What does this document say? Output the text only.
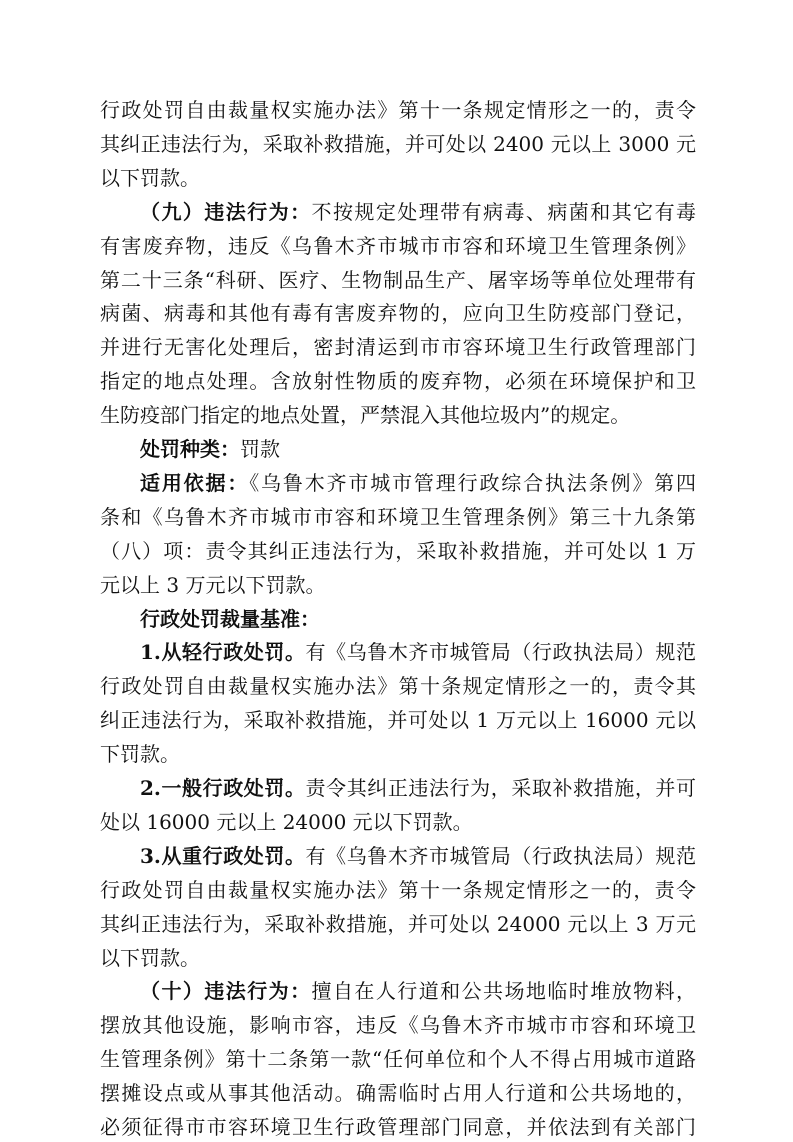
行政处罚自由裁量权实施办法》第十一条规定情形之一的，责令
其纠正违法行为，采取补救措施，并可处以 2400 元以上 3000 元
以下罚款。
（九）违法行为：不按规定处理带有病毒、病菌和其它有毒
有害废弃物，违反《乌鲁木齐市城市市容和环境卫生管理条例》
第二十三条“科研、医疗、生物制品生产、屠宰场等单位处理带有
病菌、病毒和其他有毒有害废弃物的，应向卫生防疫部门登记，
并进行无害化处理后，密封清运到市市容环境卫生行政管理部门
指定的地点处理。含放射性物质的废弃物，必须在环境保护和卫
生防疫部门指定的地点处置，严禁混入其他垃圾内”的规定。
处罚种类：罚款
适用依据：《乌鲁木齐市城市管理行政综合执法条例》第四
条和《乌鲁木齐市城市市容和环境卫生管理条例》第三十九条第
（八）项：责令其纠正违法行为，采取补救措施，并可处以 1 万
元以上 3 万元以下罚款。
行政处罚裁量基准：
1.从轻行政处罚。有《乌鲁木齐市城管局（行政执法局）规范
行政处罚自由裁量权实施办法》第十条规定情形之一的，责令其
纠正违法行为，采取补救措施，并可处以 1 万元以上 16000 元以
下罚款。
2.一般行政处罚。责令其纠正违法行为，采取补救措施，并可
处以 16000 元以上 24000 元以下罚款。
3.从重行政处罚。有《乌鲁木齐市城管局（行政执法局）规范
行政处罚自由裁量权实施办法》第十一条规定情形之一的，责令
其纠正违法行为，采取补救措施，并可处以 24000 元以上 3 万元
以下罚款。
（十）违法行为：擅自在人行道和公共场地临时堆放物料，
摆放其他设施，影响市容，违反《乌鲁木齐市城市市容和环境卫
生管理条例》第十二条第一款“任何单位和个人不得占用城市道路
摆摊设点或从事其他活动。确需临时占用人行道和公共场地的，
必须征得市市容环境卫生行政管理部门同意，并依法到有关部门
